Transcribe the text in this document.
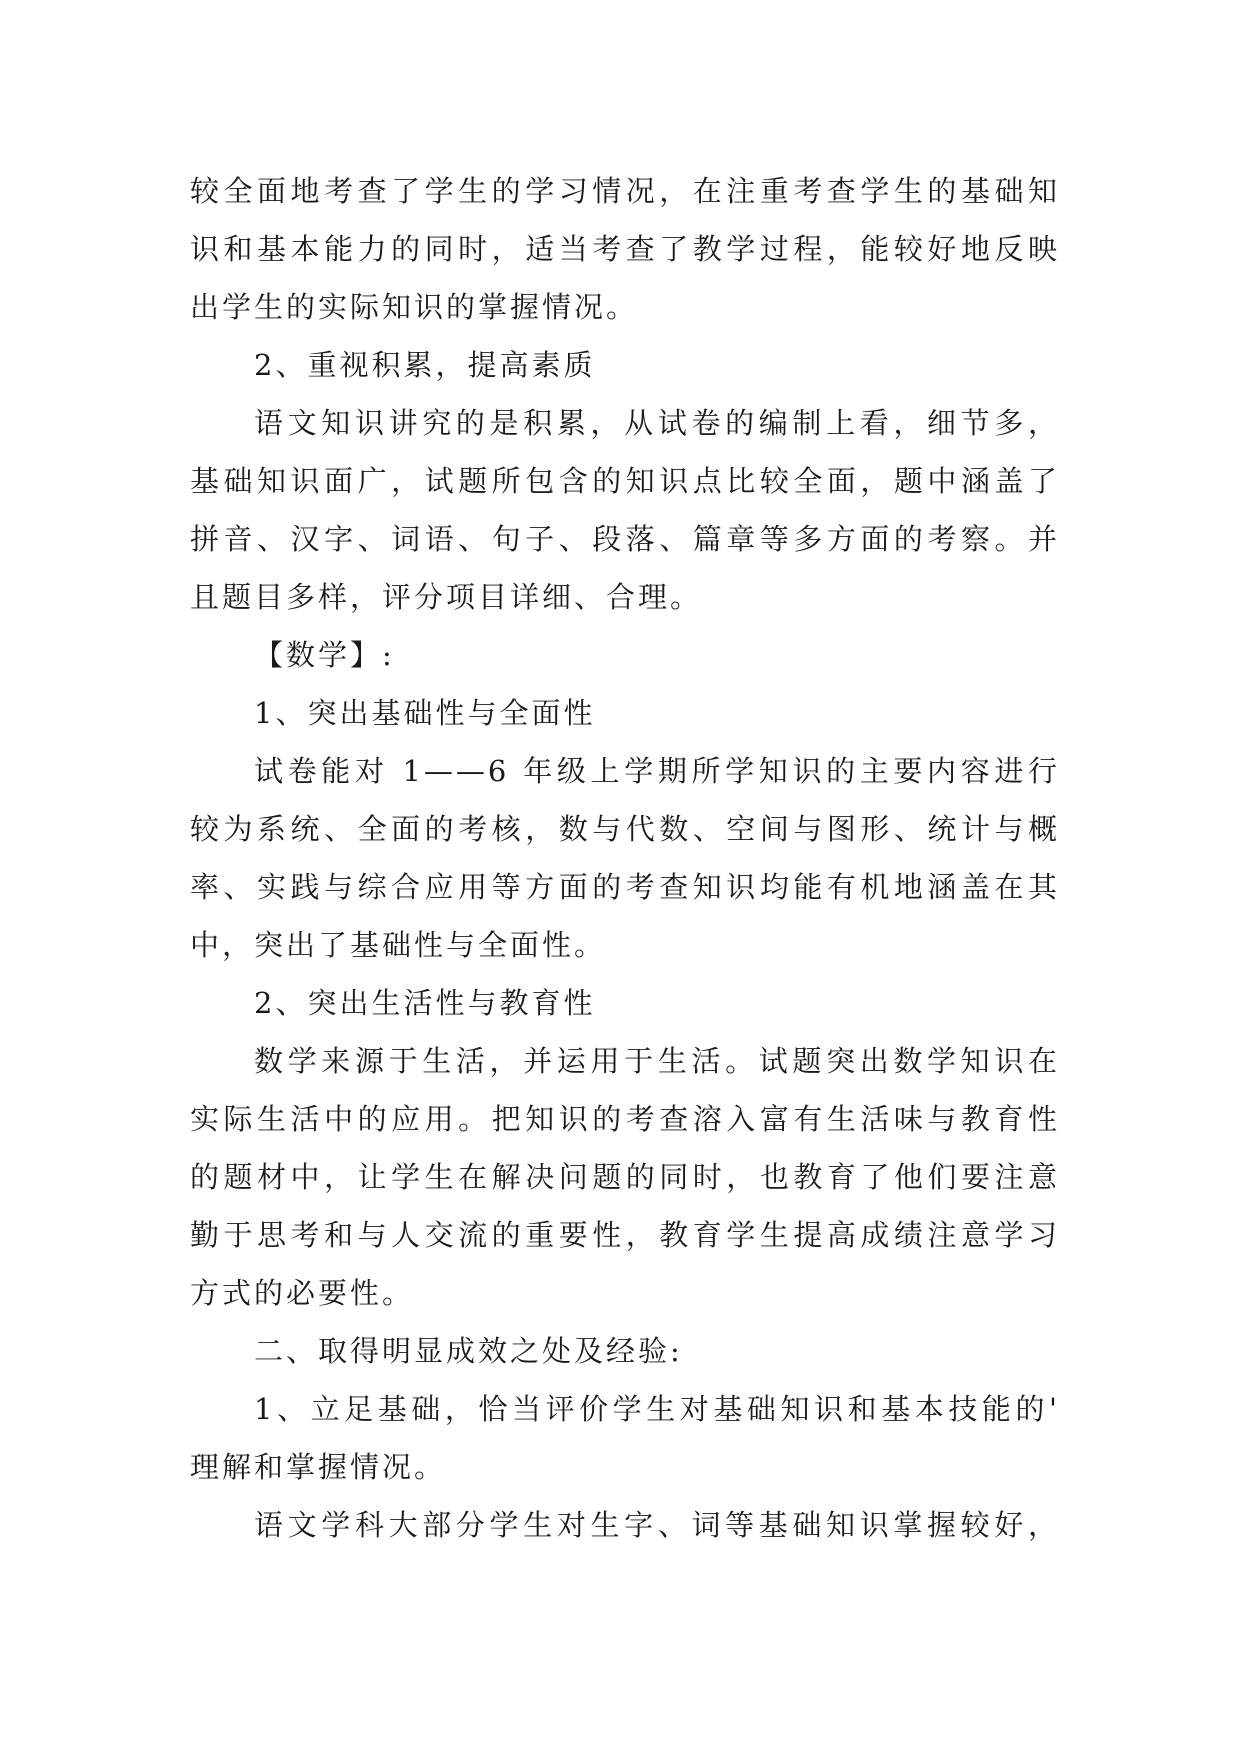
较全面地考查了学生的学习情况，在注重考查学生的基础知
识和基本能力的同时，适当考查了教学过程，能较好地反映
出学生的实际知识的掌握情况。
2、重视积累，提高素质
语文知识讲究的是积累，从试卷的编制上看，细节多，
基础知识面广，试题所包含的知识点比较全面，题中涵盖了
拼音、汉字、词语、句子、段落、篇章等多方面的考察。并
且题目多样，评分项目详细、合理。
【数学】:
1、突出基础性与全面性
试卷能对 1——6 年级上学期所学知识的主要内容进行
较为系统、全面的考核，数与代数、空间与图形、统计与概
率、实践与综合应用等方面的考查知识均能有机地涵盖在其
中，突出了基础性与全面性。
2、突出生活性与教育性
数学来源于生活，并运用于生活。试题突出数学知识在
实际生活中的应用。把知识的考查溶入富有生活味与教育性
的题材中，让学生在解决问题的同时，也教育了他们要注意
勤于思考和与人交流的重要性，教育学生提高成绩注意学习
方式的必要性。
二、取得明显成效之处及经验:
1、立足基础，恰当评价学生对基础知识和基本技能的'
理解和掌握情况。
语文学科大部分学生对生字、词等基础知识掌握较好，
